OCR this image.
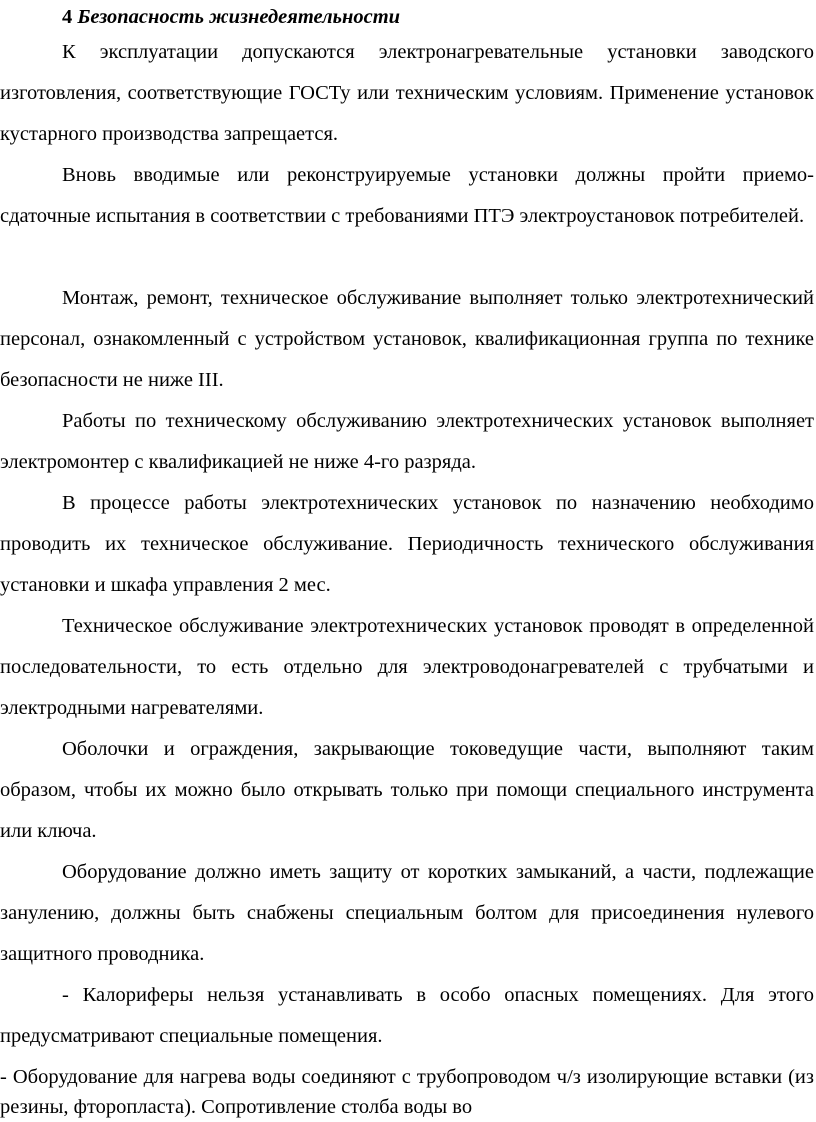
4 Безопасность жизнедеятельности

К эксплуатации допускаются электронагревательные установки заводского изготовления, соответствующие ГОСТу или техническим условиям. Применение установок кустарного производства запрещается.

Вновь вводимые или реконструируемые установки должны пройти приемо-сдаточные испытания в соответствии с требованиями ПТЭ электроустановок потребителей.

Монтаж, ремонт, техническое обслуживание выполняет только электротехнический персонал, ознакомленный с устройством установок, квалификационная группа по технике безопасности не ниже III.

Работы по техническому обслуживанию электротехнических установок выполняет электромонтер с квалификацией не ниже 4-го разряда.

В процессе работы электротехнических установок по назначению необходимо проводить их техническое обслуживание. Периодичность технического обслуживания установки и шкафа управления 2 мес.

Техническое обслуживание электротехнических установок проводят в определенной последовательности, то есть отдельно для электроводонагревателей с трубчатыми и электродными нагревателями.

Оболочки и ограждения, закрывающие токоведущие части, выполняют таким образом, чтобы их можно было открывать только при помощи специального инструмента или ключа.

Оборудование должно иметь защиту от коротких замыканий, а части, подлежащие занулению, должны быть снабжены специальным болтом для присоединения нулевого защитного проводника.

- Калориферы нельзя устанавливать в особо опасных помещениях. Для этого предусматривают специальные помещения.

- Оборудование для нагрева воды соединяют с трубопроводом ч/з изолирующие вставки (из резины, фторопласта). Сопротивление столба воды во
